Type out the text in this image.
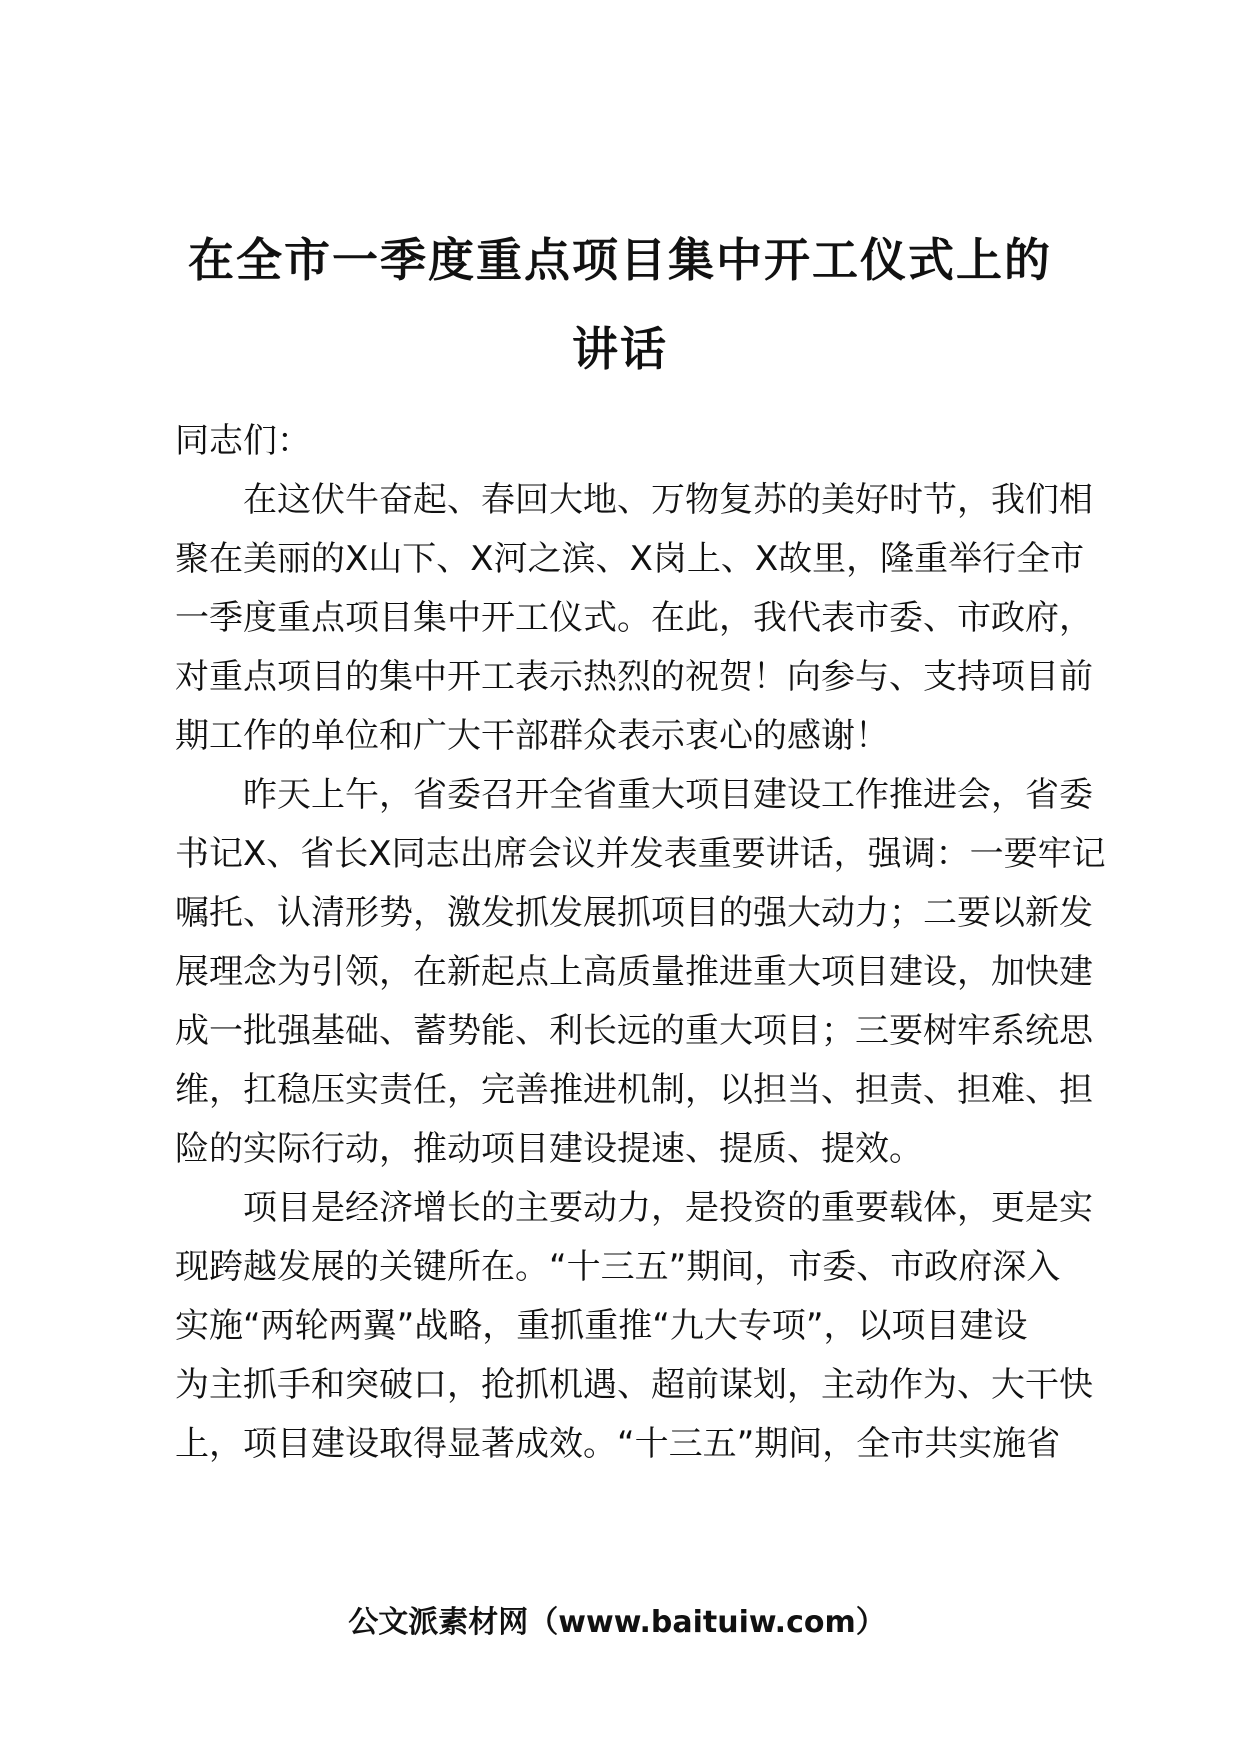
在全市一季度重点项目集中开工仪式上的
讲话

同志们：

在这伏牛奋起、春回大地、万物复苏的美好时节，我们相
聚在美丽的X山下、X河之滨、X岗上、X故里，隆重举行全市
一季度重点项目集中开工仪式。在此，我代表市委、市政府，
对重点项目的集中开工表示热烈的祝贺！向参与、支持项目前
期工作的单位和广大干部群众表示衷心的感谢！

昨天上午，省委召开全省重大项目建设工作推进会，省委
书记X、省长X同志出席会议并发表重要讲话，强调：一要牢记
嘱托、认清形势，激发抓发展抓项目的强大动力；二要以新发
展理念为引领，在新起点上高质量推进重大项目建设，加快建
成一批强基础、蓄势能、利长远的重大项目；三要树牢系统思
维，扛稳压实责任，完善推进机制，以担当、担责、担难、担
险的实际行动，推动项目建设提速、提质、提效。

项目是经济增长的主要动力，是投资的重要载体，更是实
现跨越发展的关键所在。“十三五”期间，市委、市政府深入
实施“两轮两翼”战略，重抓重推“九大专项”，以项目建设
为主抓手和突破口，抢抓机遇、超前谋划，主动作为、大干快
上，项目建设取得显著成效。“十三五”期间，全市共实施省

公文派素材网（www.baituiw.com）
